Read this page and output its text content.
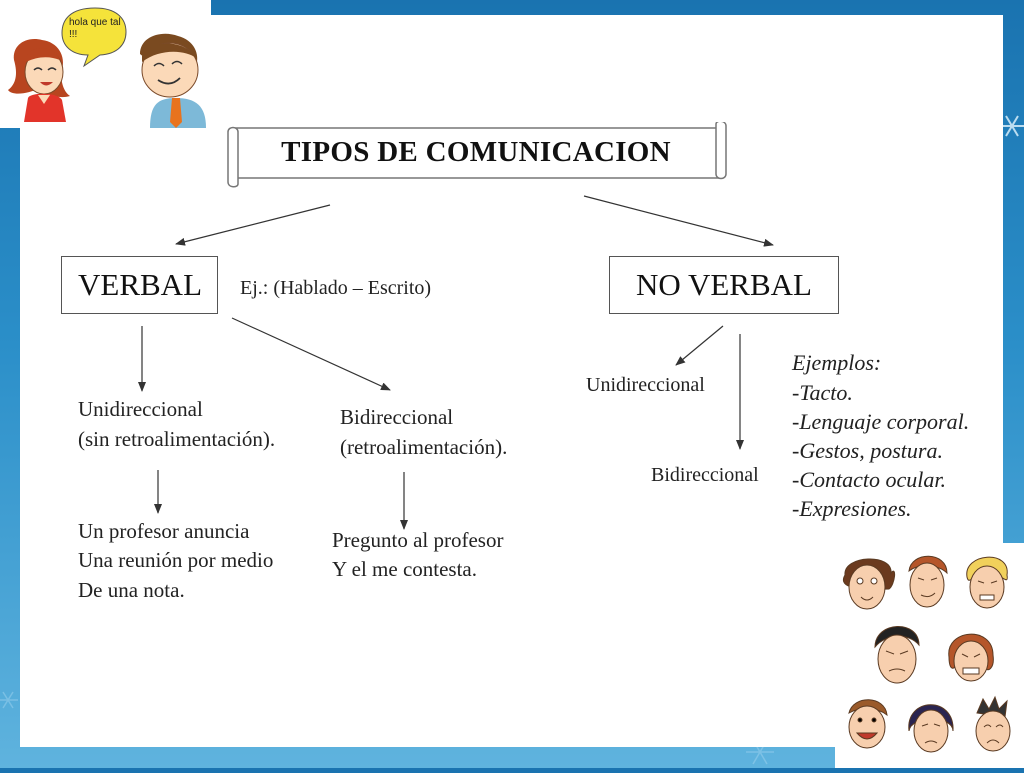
hola que tal !!!
TIPOS DE COMUNICACION
VERBAL Ej.: (Hablado – Escrito)
Unidireccional
(sin retroalimentación).
Bidireccional
(retroalimentación).
Un profesor anuncia
Una reunión por medio
De una nota.
Pregunto al profesor
Y el me contesta.
NO VERBAL
Unidireccional
Bidireccional
Ejemplos:
-Tacto.
-Lenguaje corporal.
-Gestos, postura.
-Contacto ocular.
-Expresiones.
